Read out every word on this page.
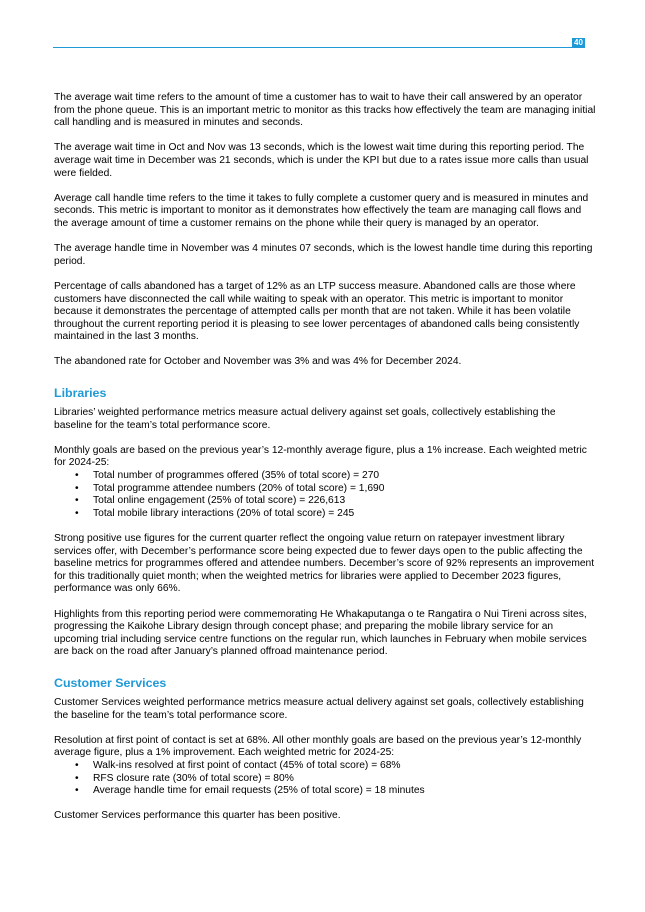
40

The average wait time refers to the amount of time a customer has to wait to have their call answered by an operator from the phone queue. This is an important metric to monitor as this tracks how effectively the team are managing initial call handling and is measured in minutes and seconds.

The average wait time in Oct and Nov was 13 seconds, which is the lowest wait time during this reporting period. The average wait time in December was 21 seconds, which is under the KPI but due to a rates issue more calls than usual were fielded.

Average call handle time refers to the time it takes to fully complete a customer query and is measured in minutes and seconds. This metric is important to monitor as it demonstrates how effectively the team are managing call flows and the average amount of time a customer remains on the phone while their query is managed by an operator.

The average handle time in November was 4 minutes 07 seconds, which is the lowest handle time during this reporting period.

Percentage of calls abandoned has a target of 12% as an LTP success measure. Abandoned calls are those where customers have disconnected the call while waiting to speak with an operator. This metric is important to monitor because it demonstrates the percentage of attempted calls per month that are not taken. While it has been volatile throughout the current reporting period it is pleasing to see lower percentages of abandoned calls being consistently maintained in the last 3 months.

The abandoned rate for October and November was 3% and was 4% for December 2024.

Libraries

Libraries’ weighted performance metrics measure actual delivery against set goals, collectively establishing the baseline for the team’s total performance score.

Monthly goals are based on the previous year’s 12-monthly average figure, plus a 1% increase. Each weighted metric for 2024-25:

• Total number of programmes offered (35% of total score) = 270
• Total programme attendee numbers (20% of total score) = 1,690
• Total online engagement (25% of total score) = 226,613
• Total mobile library interactions (20% of total score) = 245

Strong positive use figures for the current quarter reflect the ongoing value return on ratepayer investment library services offer, with December’s performance score being expected due to fewer days open to the public affecting the baseline metrics for programmes offered and attendee numbers. December’s score of 92% represents an improvement for this traditionally quiet month; when the weighted metrics for libraries were applied to December 2023 figures, performance was only 66%.

Highlights from this reporting period were commemorating He Whakaputanga o te Rangatira o Nui Tireni across sites, progressing the Kaikohe Library design through concept phase; and preparing the mobile library service for an upcoming trial including service centre functions on the regular run, which launches in February when mobile services are back on the road after January’s planned offroad maintenance period.

Customer Services

Customer Services weighted performance metrics measure actual delivery against set goals, collectively establishing the baseline for the team’s total performance score.

Resolution at first point of contact is set at 68%. All other monthly goals are based on the previous year’s 12-monthly average figure, plus a 1% improvement. Each weighted metric for 2024-25:

• Walk-ins resolved at first point of contact (45% of total score) = 68%
• RFS closure rate (30% of total score) = 80%
• Average handle time for email requests (25% of total score) = 18 minutes

Customer Services performance this quarter has been positive.
